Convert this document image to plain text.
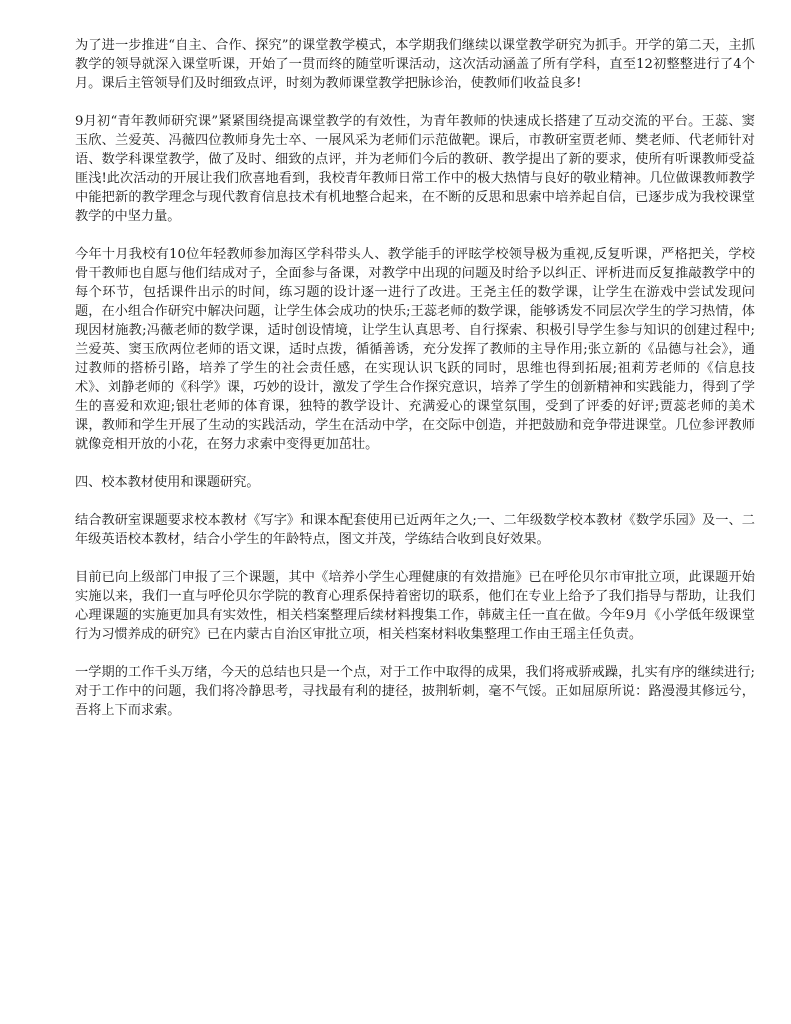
为了进一步推进“自主、合作、探究”的课堂教学模式，本学期我们继续以课堂教学研究为抓手。开学的第二天，主抓教学的领导就深入课堂听课，开始了一贯而终的随堂听课活动，这次活动涵盖了所有学科，直至12初整整进行了4个月。课后主管领导们及时细致点评，时刻为教师课堂教学把脉诊治，使教师们收益良多!

9月初“青年教师研究课”紧紧围绕提高课堂教学的有效性，为青年教师的快速成长搭建了互动交流的平台。王蕊、窦玉欣、兰爱英、冯薇四位教师身先士卒、一展风采为老师们示范做靶。课后，市教研室贾老师、樊老师、代老师针对语、数学科课堂教学，做了及时、细致的点评，并为老师们今后的教研、教学提出了新的要求，使所有听课教师受益匪浅!此次活动的开展让我们欣喜地看到，我校青年教师日常工作中的极大热情与良好的敬业精神。几位做课教师教学中能把新的教学理念与现代教育信息技术有机地整合起来，在不断的反思和思索中培养起自信，已逐步成为我校课堂教学的中坚力量。

今年十月我校有10位年轻教师参加海区学科带头人、教学能手的评眩学校领导极为重视,反复听课，严格把关，学校骨干教师也自愿与他们结成对子，全面参与备课，对教学中出现的问题及时给予以纠正、评析进而反复推敲教学中的每个环节，包括课件出示的时间，练习题的设计逐一进行了改进。王尧主任的数学课，让学生在游戏中尝试发现问题，在小组合作研究中解决问题，让学生体会成功的快乐;王蕊老师的数学课，能够诱发不同层次学生的学习热情，体现因材施教;冯薇老师的数学课，适时创设情境，让学生认真思考、自行探索、积极引导学生参与知识的创建过程中;兰爱英、窦玉欣两位老师的语文课，适时点拨，循循善诱，充分发挥了教师的主导作用;张立新的《品德与社会》，通过教师的搭桥引路，培养了学生的社会责任感，在实现认识飞跃的同时，思维也得到拓展;祖莉芳老师的《信息技术》、刘静老师的《科学》课，巧妙的设计，激发了学生合作探究意识，培养了学生的创新精神和实践能力，得到了学生的喜爱和欢迎;银壮老师的体育课，独特的教学设计、充满爱心的课堂氛围，受到了评委的好评;贾蕊老师的美术课，教师和学生开展了生动的实践活动，学生在活动中学，在交际中创造，并把鼓励和竞争带进课堂。几位参评教师就像竞相开放的小花，在努力求索中变得更加茁壮。

四、校本教材使用和课题研究。

结合教研室课题要求校本教材《写字》和课本配套使用已近两年之久;一、二年级数学校本教材《数学乐园》及一、二年级英语校本教材，结合小学生的年龄特点，图文并茂，学练结合收到良好效果。

目前已向上级部门申报了三个课题，其中《培养小学生心理健康的有效措施》已在呼伦贝尔市审批立项，此课题开始实施以来，我们一直与呼伦贝尔学院的教育心理系保持着密切的联系，他们在专业上给予了我们指导与帮助，让我们心理课题的实施更加具有实效性，相关档案整理后续材料搜集工作，韩葳主任一直在做。今年9月《小学低年级课堂行为习惯养成的研究》已在内蒙古自治区审批立项，相关档案材料收集整理工作由王瑶主任负责。

一学期的工作千头万绪，今天的总结也只是一个点，对于工作中取得的成果，我们将戒骄戒躁，扎实有序的继续进行;对于工作中的问题，我们将冷静思考，寻找最有利的捷径，披荆斩刺，毫不气馁。正如屈原所说：路漫漫其修远兮，吾将上下而求索。
